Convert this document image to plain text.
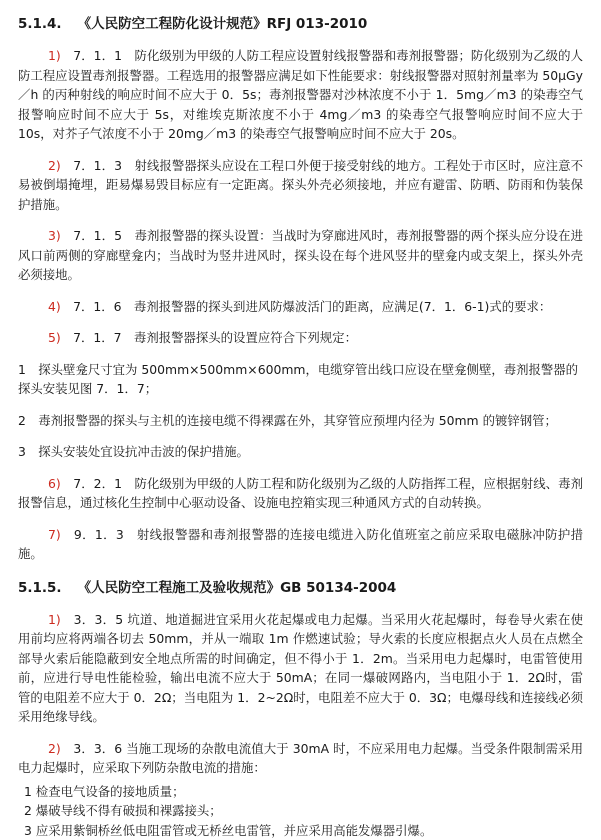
5.1.4. 《人民防空工程防化设计规范》RFJ 013-2010

1)　 7．1．1　防化级别为甲级的人防工程应设置射线报警器和毒剂报警器；防化级别为乙级的人防工程应设置毒剂报警器。工程选用的报警器应满足如下性能要求：射线报警器对照射剂量率为 50μGy／h 的丙种射线的响应时间不应大于 0．5s；毒剂报警器对沙林浓度不小于 1．5mg／m3 的染毒空气报警响应时间不应大于 5s，对维埃克斯浓度不小于 4mg／m3 的染毒空气报警响应时间不应大于 10s，对芥子气浓度不小于 20mg／m3 的染毒空气报警响应时间不应大于 20s。

2)　 7．1．3　射线报警器探头应设在工程口外便于接受射线的地方。工程处于市区时，应注意不易被倒塌掩埋，距易爆易毁目标应有一定距离。探头外壳必须接地，并应有避雷、防晒、防雨和伪装保护措施。

3)　 7．1．5　毒剂报警器的探头设置：当战时为穿廊进风时，毒剂报警器的两个探头应分设在进风口前两侧的穿廊壁龛内；当战时为竖井进风时，探头设在每个进风竖井的壁龛内或支架上，探头外壳必须接地。

4)　 7．1．6　毒剂报警器的探头到进风防爆波活门的距离，应满足(7．1．6-1)式的要求：

5)　 7．1．7　毒剂报警器探头的设置应符合下列规定：

1　 探头壁龛尺寸宜为 500mm×500mm×600mm，电缆穿管出线口应设在壁龛侧壁，毒剂报警器的探头安装见图 7．1．7；

2　 毒剂报警器的探头与主机的连接电缆不得裸露在外，其穿管应预埋内径为 50mm 的镀锌钢管；

3　 探头安装处宜设抗冲击波的保护措施。

6)　 7．2．1　防化级别为甲级的人防工程和防化级别为乙级的人防指挥工程，应根据射线、毒剂报警信息，通过核化生控制中心驱动设备、设施电控箱实现三种通风方式的自动转换。

7)　 9．1．3　射线报警器和毒剂报警器的连接电缆进入防化值班室之前应采取电磁脉冲防护措施。

5.1.5. 《人民防空工程施工及验收规范》GB 50134-2004

1)　 3．3．5 坑道、地道掘进宜采用火花起爆或电力起爆。当采用火花起爆时，每卷导火索在使用前均应将两端各切去 50mm，并从一端取 1m 作燃速试验；导火索的长度应根据点火人员在点燃全部导火索后能隐蔽到安全地点所需的时间确定，但不得小于 1．2m。当采用电力起爆时，电雷管使用前，应进行导电性能检验，输出电流不应大于 50mA；在同一爆破网路内，当电阻小于 1．2Ω时，雷管的电阻差不应大于 0．2Ω；当电阻为 1．2~2Ω时，电阻差不应大于 0．3Ω；电爆母线和连接线必须采用绝缘导线。

2)　 3．3．6 当施工现场的杂散电流值大于 30mA 时，不应采用电力起爆。当受条件限制需采用电力起爆时，应采取下列防杂散电流的措施：

1 检查电气设备的接地质量；

2 爆破导线不得有破损和裸露接头；

3 应采用紫铜桥丝低电阻雷管或无桥丝电雷管，并应采用高能发爆器引爆。
